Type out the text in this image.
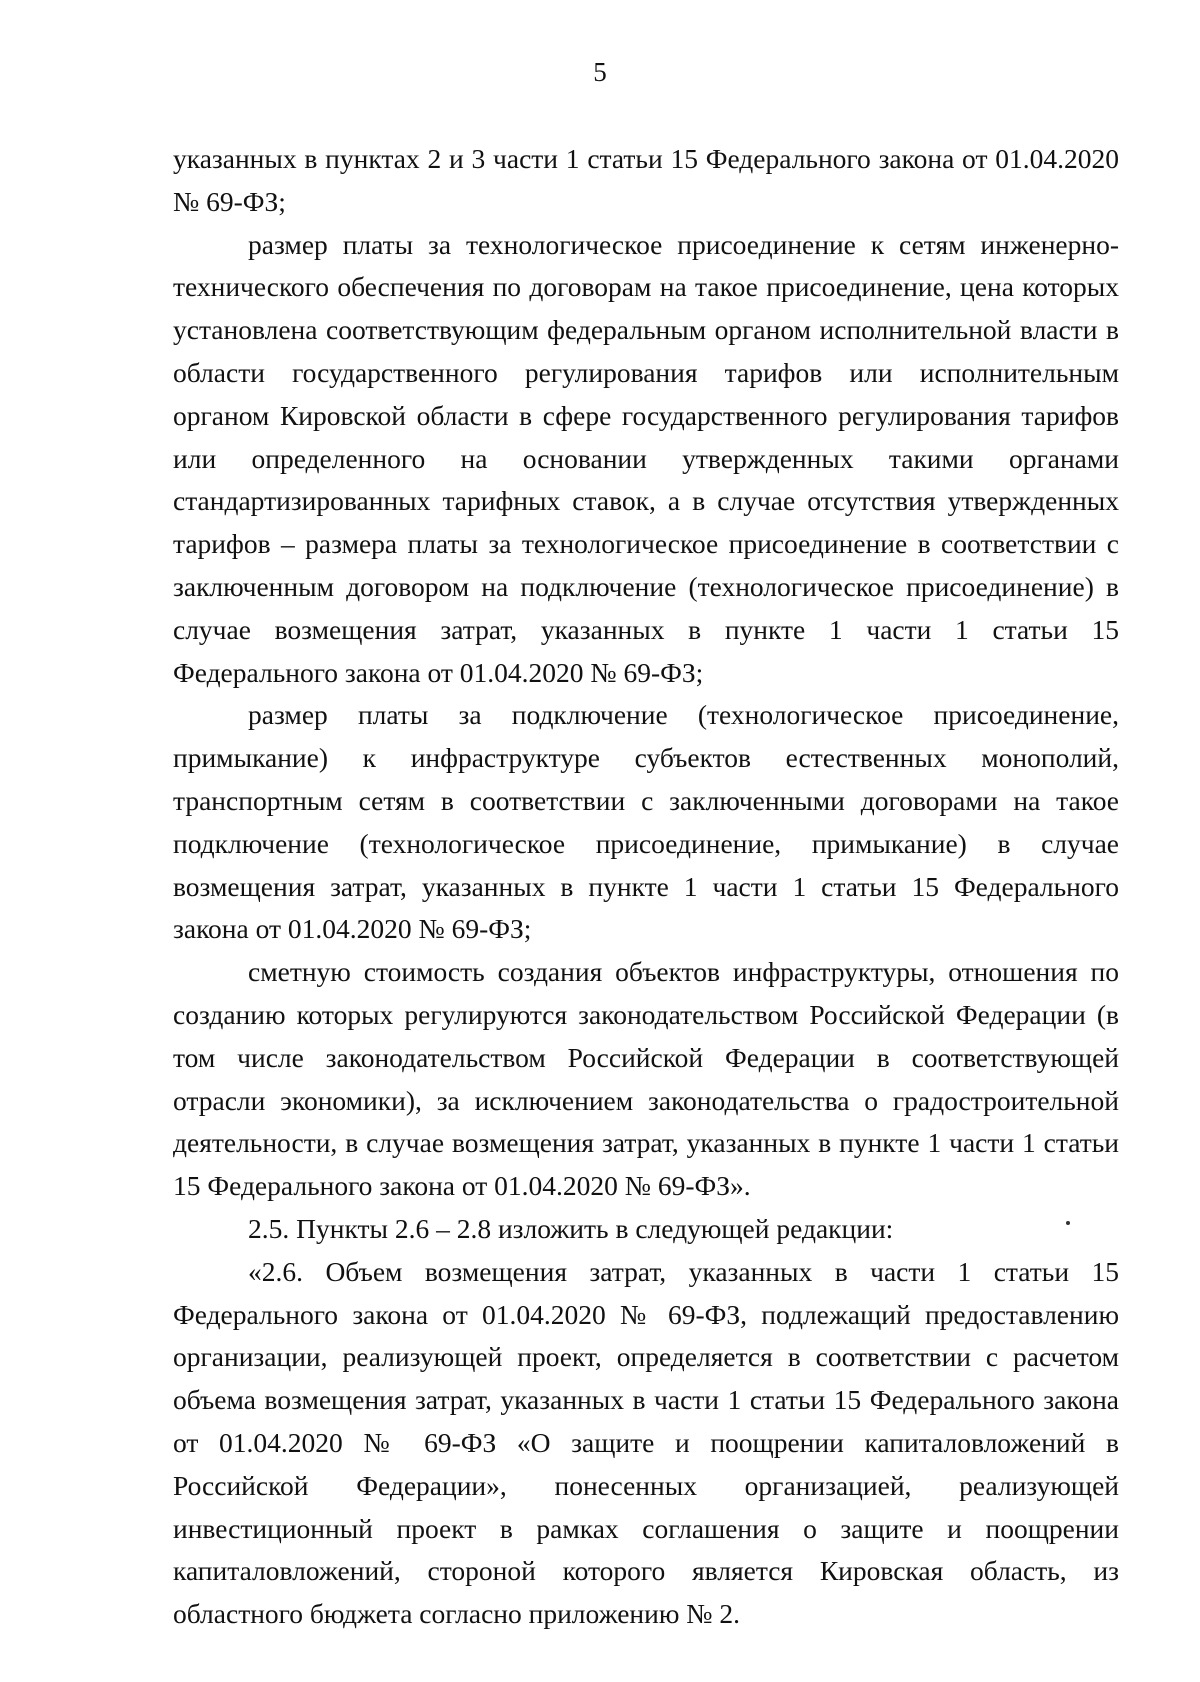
5

указанных в пунктах 2 и 3 части 1 статьи 15 Федерального закона от 01.04.2020 № 69-ФЗ;

размер платы за технологическое присоединение к сетям инженерно-технического обеспечения по договорам на такое присоединение, цена которых установлена соответствующим федеральным органом исполнительной власти в области государственного регулирования тарифов или исполнительным органом Кировской области в сфере государственного регулирования тарифов или определенного на основании утвержденных такими органами стандартизированных тарифных ставок, а в случае отсутствия утвержденных тарифов – размера платы за технологическое присоединение в соответствии с заключенным договором на подключение (технологическое присоединение) в случае возмещения затрат, указанных в пункте 1 части 1 статьи 15 Федерального закона от 01.04.2020 № 69-ФЗ;

размер платы за подключение (технологическое присоединение, примыкание) к инфраструктуре субъектов естественных монополий, транспортным сетям в соответствии с заключенными договорами на такое подключение (технологическое присоединение, примыкание) в случае возмещения затрат, указанных в пункте 1 части 1 статьи 15 Федерального закона от 01.04.2020 № 69-ФЗ;

сметную стоимость создания объектов инфраструктуры, отношения по созданию которых регулируются законодательством Российской Федерации (в том числе законодательством Российской Федерации в соответствующей отрасли экономики), за исключением законодательства о градостроительной деятельности, в случае возмещения затрат, указанных в пункте 1 части 1 статьи 15 Федерального закона от 01.04.2020 № 69-ФЗ».

2.5. Пункты 2.6 – 2.8 изложить в следующей редакции:

«2.6. Объем возмещения затрат, указанных в части 1 статьи 15 Федерального закона от 01.04.2020 № 69-ФЗ, подлежащий предоставлению организации, реализующей проект, определяется в соответствии с расчетом объема возмещения затрат, указанных в части 1 статьи 15 Федерального закона от 01.04.2020 № 69-ФЗ «О защите и поощрении капиталовложений в Российской Федерации», понесенных организацией, реализующей инвестиционный проект в рамках соглашения о защите и поощрении капиталовложений, стороной которого является Кировская область, из областного бюджета согласно приложению № 2.
